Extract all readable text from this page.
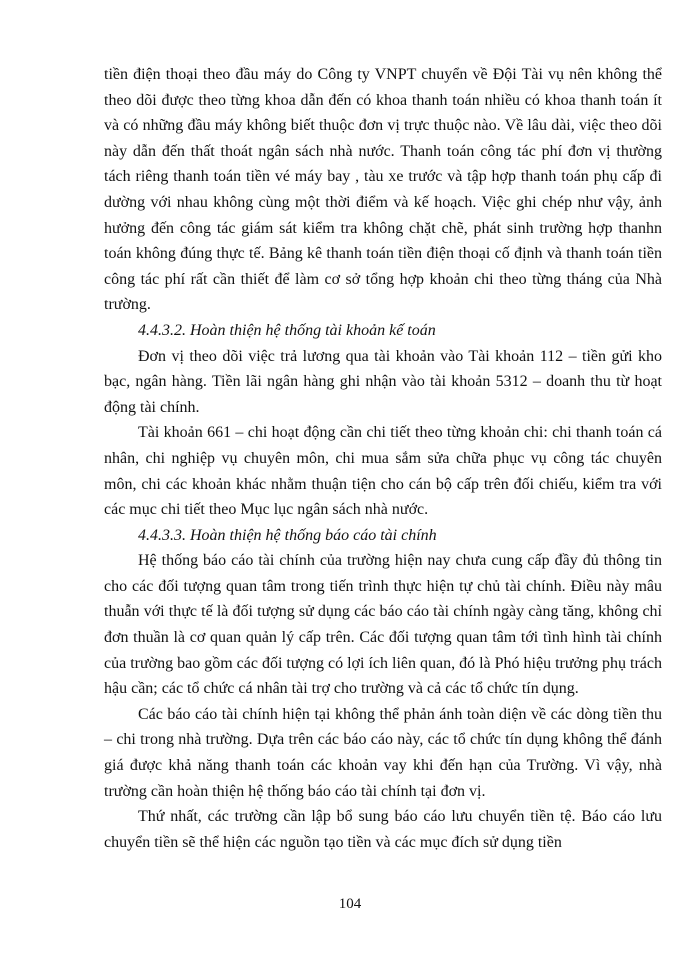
tiền điện thoại theo đầu máy do Công ty VNPT chuyển về Đội Tài vụ nên không thể theo dõi được theo từng khoa dẫn đến có khoa thanh toán nhiều có khoa thanh toán ít và có những đầu máy không biết thuộc đơn vị trực thuộc nào. Về lâu dài, việc theo dõi này dẫn đến thất thoát ngân sách nhà nước. Thanh toán công tác phí đơn vị thường tách riêng thanh toán tiền vé máy bay , tàu xe trước và tập hợp thanh toán phụ cấp đi dường với nhau không cùng một thời điểm và kế hoạch. Việc ghi chép như vậy, ảnh hưởng đến công tác giám sát kiểm tra không chặt chẽ, phát sinh trường hợp thanhn toán không đúng thực tế. Bảng kê thanh toán tiền điện thoại cố định và thanh toán tiền công tác phí rất cần thiết để làm cơ sở tổng hợp khoản chi theo từng tháng của Nhà trường.

4.4.3.2. Hoàn thiện hệ thống tài khoản kế toán

Đơn vị theo dõi việc trả lương qua tài khoản vào Tài khoản 112 – tiền gửi kho bạc, ngân hàng. Tiền lãi ngân hàng ghi nhận vào tài khoản 5312 – doanh thu từ hoạt động tài chính.

Tài khoản 661 – chi hoạt động cần chi tiết theo từng khoản chi: chi thanh toán cá nhân, chi nghiệp vụ chuyên môn, chi mua sắm sửa chữa phục vụ công tác chuyên môn, chi các khoản khác nhằm thuận tiện cho cán bộ cấp trên đối chiếu, kiểm tra với các mục chi tiết theo Mục lục ngân sách nhà nước.

4.4.3.3. Hoàn thiện hệ thống báo cáo tài chính

Hệ thống báo cáo tài chính của trường hiện nay chưa cung cấp đầy đủ thông tin cho các đối tượng quan tâm trong tiến trình thực hiện tự chủ tài chính. Điều này mâu thuẫn với thực tế là đối tượng sử dụng các báo cáo tài chính ngày càng tăng, không chỉ đơn thuần là cơ quan quản lý cấp trên. Các đối tượng quan tâm tới tình hình tài chính của trường bao gồm các đối tượng có lợi ích liên quan, đó là Phó hiệu trưởng phụ trách hậu cần; các tổ chức cá nhân tài trợ cho trường và cả các tổ chức tín dụng.

Các báo cáo tài chính hiện tại không thể phản ánh toàn diện về các dòng tiền thu – chi trong nhà trường. Dựa trên các báo cáo này, các tổ chức tín dụng không thể đánh giá được khả năng thanh toán các khoản vay khi đến hạn của Trường. Vì vậy, nhà trường cần hoàn thiện hệ thống báo cáo tài chính tại đơn vị.

Thứ nhất, các trường cần lập bổ sung báo cáo lưu chuyển tiền tệ. Báo cáo lưu chuyển tiền sẽ thể hiện các nguồn tạo tiền và các mục đích sử dụng tiền

104
